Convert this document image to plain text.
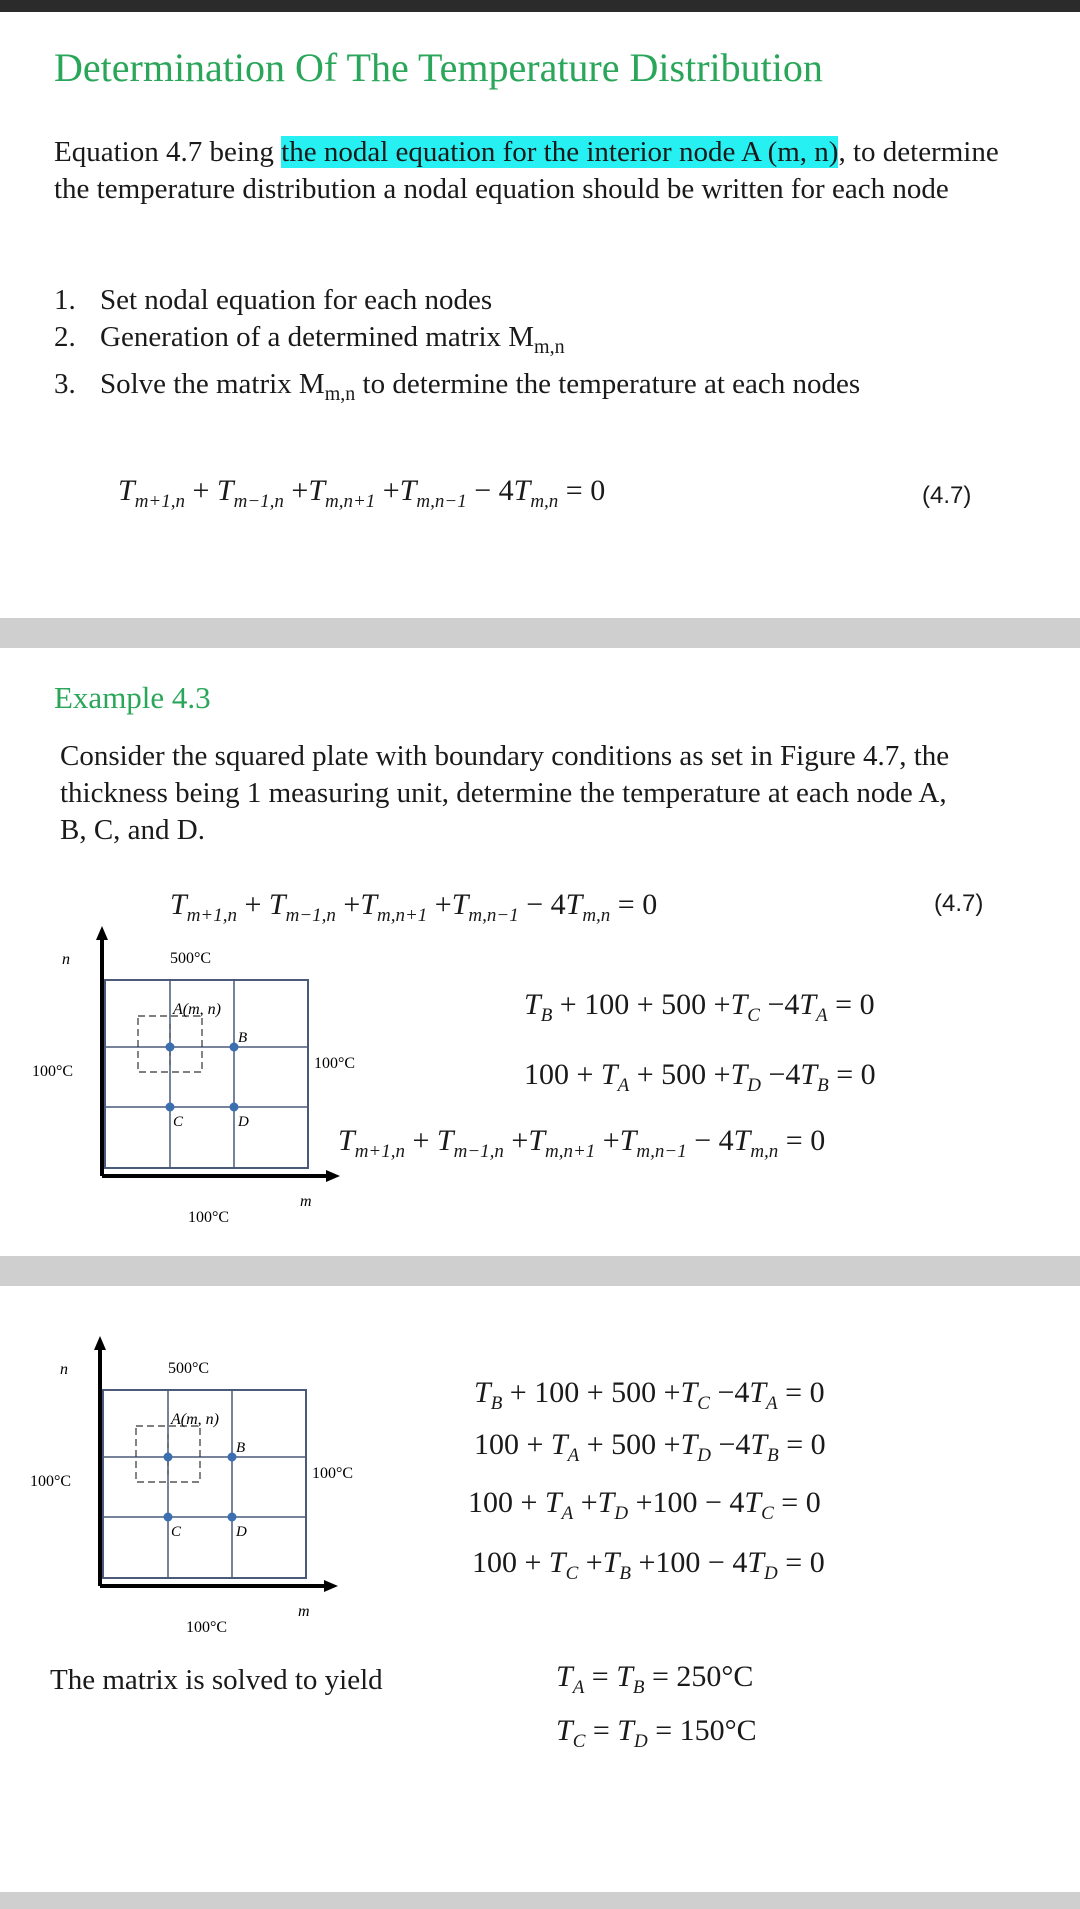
Determination Of The Temperature Distribution
Equation 4.7 being the nodal equation for the interior node A (m, n), to determine the temperature distribution a nodal equation should be written for each node
1. Set nodal equation for each nodes
2. Generation of a determined matrix $M_{m,n}$
3. Solve the matrix $M_{m,n}$ to determine the temperature at each nodes
$T_{m+1,n} + T_{m-1,n} +T_{m,n+1} +T_{m,n-1} - 4T_{m,n} = 0$	(4.7)
Example 4.3
Consider the squared plate with boundary conditions as set in Figure 4.7, the thickness being 1 measuring unit, determine the temperature at each node A, B, C, and D.
$T_{m+1,n} + T_{m-1,n} +T_{m,n+1} +T_{m,n-1} - 4T_{m,n} = 0$	(4.7)
500°C
100°C	100°C
100°C
n
m
A(m, n)
B
C	D
$T_B + 100 + 500 +T_C -4T_A = 0$
$100 + T_A + 500 +T_D -4T_B = 0$
$T_{m+1,n} + T_{m-1,n} +T_{m,n+1} +T_{m,n-1} - 4T_{m,n} = 0$
500°C
100°C	100°C
100°C
n
m
A(m, n)
B
C	D
$T_B + 100 + 500 +T_C -4T_A = 0$
$100 + T_A + 500 +T_D -4T_B = 0$
$100 + T_A +T_D +100 - 4T_C = 0$
$100 + T_C +T_B +100 - 4T_D = 0$
The matrix is solved to yield	$T_A = T_B = 250^\circ C$
$T_C = T_D = 150^\circ C$
